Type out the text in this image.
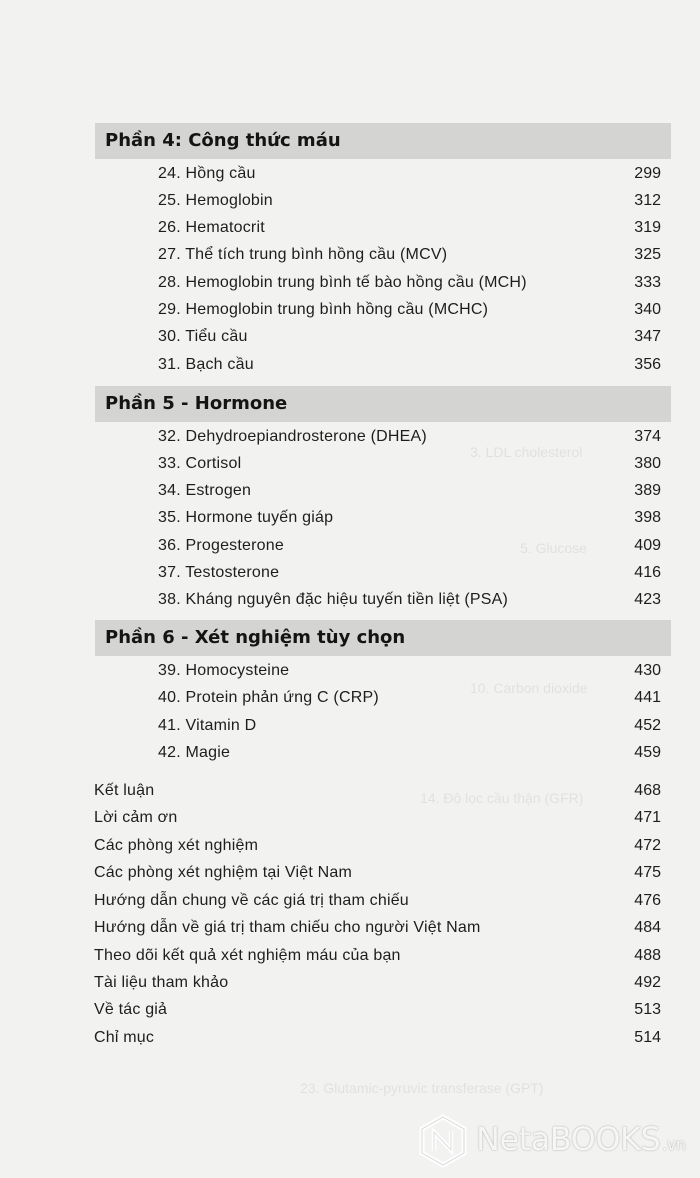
3. LDL cholesterol
5. Glucose
10. Carbon dioxide
14. Độ lọc cầu thận (GFR)
23. Glutamic-pyruvic transferase (GPT)
Phần 4: Công thức máu
24. Hồng cầu	299
25. Hemoglobin	312
26. Hematocrit	319
27. Thể tích trung bình hồng cầu (MCV)	325
28. Hemoglobin trung bình tế bào hồng cầu (MCH)	333
29. Hemoglobin trung bình hồng cầu (MCHC)	340
30. Tiểu cầu	347
31. Bạch cầu	356
Phần 5 - Hormone
32. Dehydroepiandrosterone (DHEA)	374
33. Cortisol	380
34. Estrogen	389
35. Hormone tuyến giáp	398
36. Progesterone	409
37. Testosterone	416
38. Kháng nguyên đặc hiệu tuyến tiền liệt (PSA)	423
Phần 6 - Xét nghiệm tùy chọn
39. Homocysteine	430
40. Protein phản ứng C (CRP)	441
41. Vitamin D	452
42. Magie	459
Kết luận	468
Lời cảm ơn	471
Các phòng xét nghiệm	472
Các phòng xét nghiệm tại Việt Nam	475
Hướng dẫn chung về các giá trị tham chiếu	476
Hướng dẫn về giá trị tham chiếu cho người Việt Nam	484
Theo dõi kết quả xét nghiệm máu của bạn	488
Tài liệu tham khảo	492
Về tác giả	513
Chỉ mục	514
NetaBOOKS .vn
